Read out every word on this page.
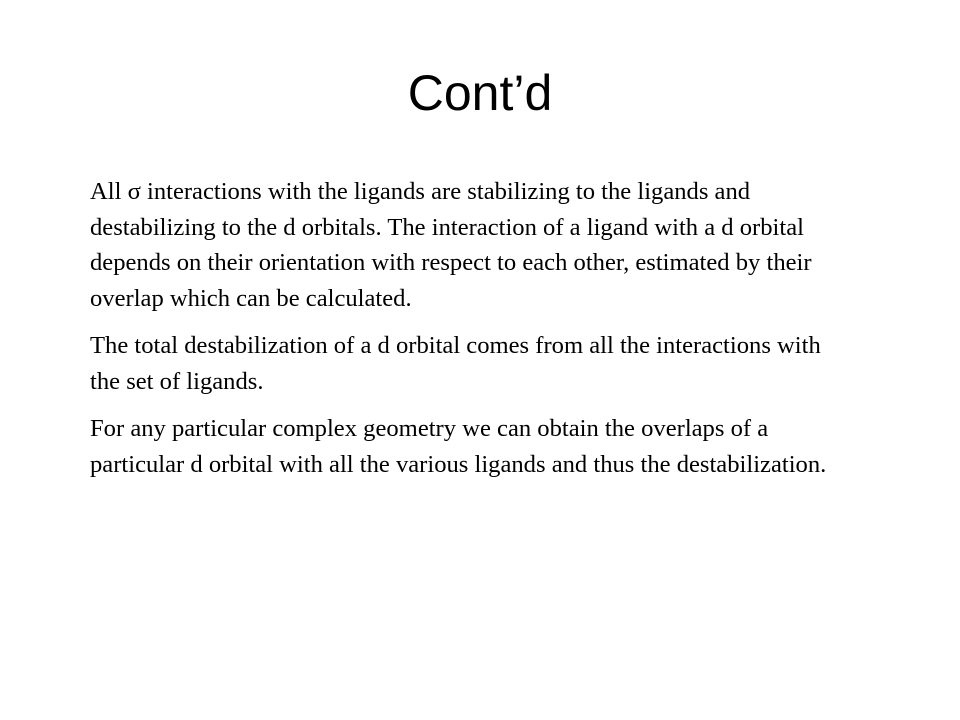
Cont’d

All σ interactions with the ligands are stabilizing to the ligands and destabilizing to the d orbitals. The interaction of a ligand with a d orbital depends on their orientation with respect to each other, estimated by their overlap which can be calculated.

The total destabilization of a d orbital comes from all the interactions with the set of ligands.

For any particular complex geometry we can obtain the overlaps of a particular d orbital with all the various ligands and thus the destabilization.
